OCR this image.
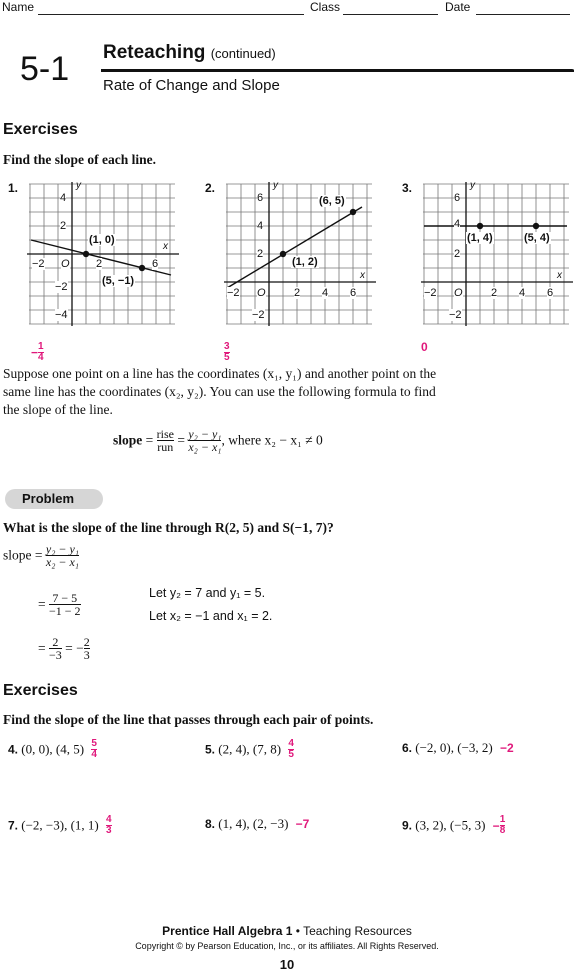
Name	Class	Date
5-1 Reteaching (continued)
Rate of Change and Slope
Exercises
Find the slope of each line.
1.	y
x
4
2
−2
−4
−2 O 2	6
(1, 0)
(5, −1)
− $\frac{1}{4}$
2.	y
x
6
4
2
−2
−2 O	2 4 6
(1, 2)
(6, 5)
$\frac{3}{5}$
3.	y
x
6
4
2
−2
−2 O	2 4 6
(1, 4)	(5, 4)
0
Suppose one point on a line has the coordinates (x₁, y₁) and another point on the
same line has the coordinates (x₂, y₂). You can use the following formula to find
the slope of the line.
slope = $\frac{\text{rise}}{\text{run}} = \frac{\text{y₂ − y₁}}{\text{x₂ − x₁}}$ , where x₂ − x₁ ≠ 0
Problem
What is the slope of the line through R(2, 5) and S(−1, 7)?
slope = $\frac{\text{y₂ − y₁}}{\text{x₂ − x₁}}$
= $\frac{7 - 5}{-1 - 2}$	Let y₂ = 7 and y₁ = 5.
Let x₂ = −1 and x₁ = 2.
= $\frac{2}{-3}$ = − $\frac{2}{3}$
Exercises
Find the slope of the line that passes through each pair of points.
4. (0, 0), (4, $5) \frac{5}{4}$	5. (2, 4), (7, $8) \frac{4}{5}$	6. (−2, 0), (−3, 2) −2
7. (−2, −3), (1, $1) \frac{4}{3}$	8. (1, 4), (2, −3) −7	9. (3, 2), (−5, $3) - \frac{1}{8}$
Prentice Hall Algebra 1 • Teaching Resources
Copyright © by Pearson Education, Inc., or its affiliates. All Rights Reserved.
10
